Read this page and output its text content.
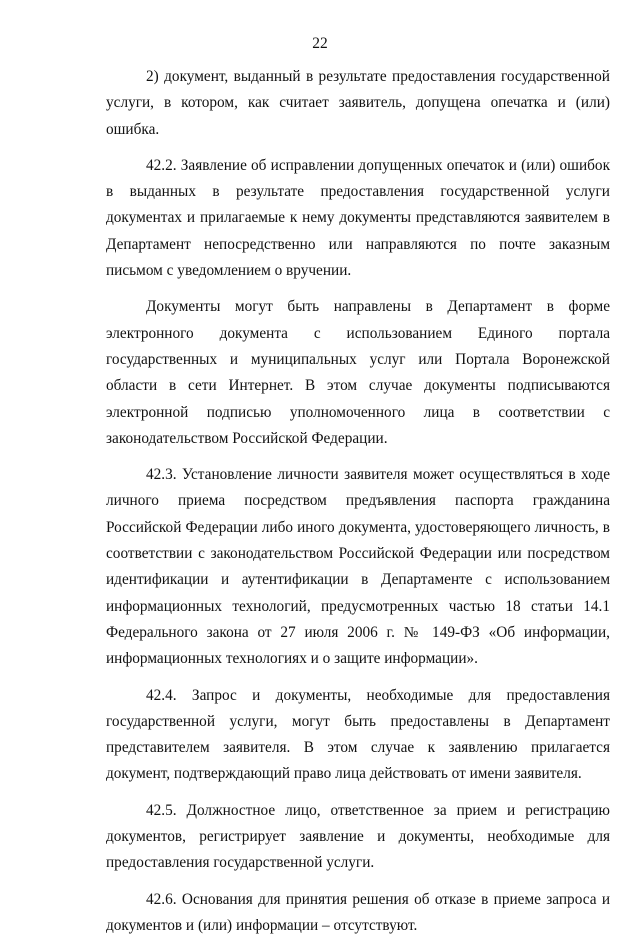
22

2) документ, выданный в результате предоставления государственной услуги, в котором, как считает заявитель, допущена опечатка и (или) ошибка.

42.2. Заявление об исправлении допущенных опечаток и (или) ошибок в выданных в результате предоставления государственной услуги документах и прилагаемые к нему документы представляются заявителем в Департамент непосредственно или направляются по почте заказным письмом с уведомлением о вручении.

Документы могут быть направлены в Департамент в форме электронного документа с использованием Единого портала государственных и муниципальных услуг или Портала Воронежской области в сети Интернет. В этом случае документы подписываются электронной подписью уполномоченного лица в соответствии с законодательством Российской Федерации.

42.3. Установление личности заявителя может осуществляться в ходе личного приема посредством предъявления паспорта гражданина Российской Федерации либо иного документа, удостоверяющего личность, в соответствии с законодательством Российской Федерации или посредством идентификации и аутентификации в Департаменте с использованием информационных технологий, предусмотренных частью 18 статьи 14.1 Федерального закона от 27 июля 2006 г. № 149-ФЗ «Об информации, информационных технологиях и о защите информации».

42.4. Запрос и документы, необходимые для предоставления государственной услуги, могут быть предоставлены в Департамент представителем заявителя. В этом случае к заявлению прилагается документ, подтверждающий право лица действовать от имени заявителя.

42.5. Должностное лицо, ответственное за прием и регистрацию документов, регистрирует заявление и документы, необходимые для предоставления государственной услуги.

42.6. Основания для принятия решения об отказе в приеме запроса и документов и (или) информации – отсутствуют.
